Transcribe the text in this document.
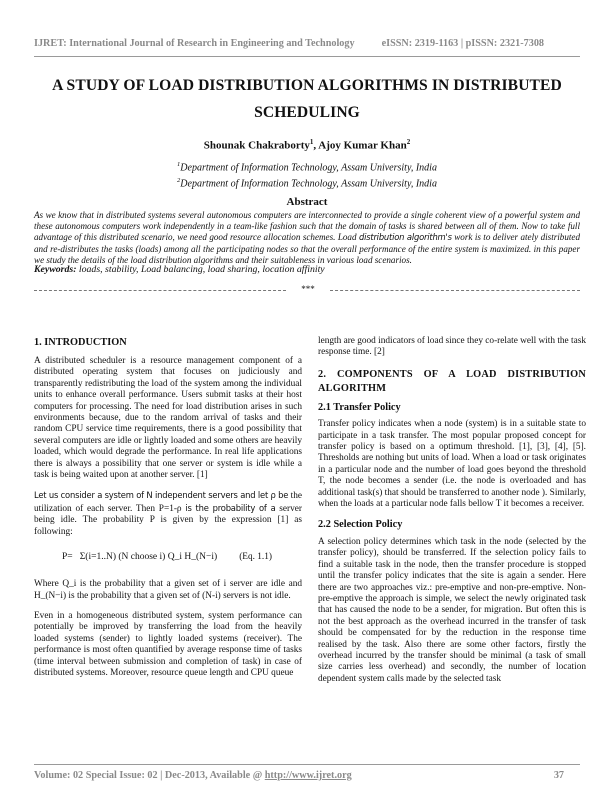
IJRET: International Journal of Research in Engineering and Technology	eISSN: 2319-1163 | pISSN: 2321-7308
A STUDY OF LOAD DISTRIBUTION ALGORITHMS IN DISTRIBUTED
SCHEDULING
Shounak Chakraborty$^1$, Ajoy Kumar Khan$^2$
$^1$Department of Information Technology, Assam University, India
$^2$Department of Information Technology, Assam University, India
Abstract
As we know that in distributed systems several autonomous computers are interconnected to provide a single coherent view of a powerful system and these autonomous computers work independently in a team-like fashion such that the domain of tasks is shared between all of them. Now to take full advantage of this distributed scenario, we need good resource allocation schemes. Load distribution algorithm's work is to deliver ately distributed and re-distributes the tasks (loads) among all the participating nodes so that the overall performance of the entire system is maximized. in this paper we study the details of the load distribution algorithms and their suitableness in various load scenarios.
Keywords: loads, stability, Load balancing, load sharing, location affinity
***
1. INTRODUCTION

A distributed scheduler is a resource management component of a distributed operating system that focuses on judiciously and transparently redistributing the load of the system among the individual units to enhance overall performance. Users submit tasks at their host computers for processing. The need for load distribution arises in such environments because, due to the random arrival of tasks and their random CPU service time requirements, there is a good possibility that several computers are idle or lightly loaded and some others are heavily loaded, which would degrade the performance. In real life applications there is always a possibility that one server or system is idle while a task is being waited upon at another server. [1]

Let us consider a system of N independent servers and let ρ be the utilization of each server. Then P=1-ρ is the probability of a server being idle. The probability P is given by the expression [1] as following:

P= Σ(i=1..N) (N choose i) Q_i H_(N−i) (Eq. 1.1)

Where Q_i is the probability that a given set of i server are idle and H_(N−i) is the probability that a given set of (N-i) servers is not idle.

Even in a homogeneous distributed system, system performance can potentially be improved by transferring the load from the heavily loaded systems (sender) to lightly loaded systems (receiver). The performance is most often quantified by average response time of tasks (time interval between submission and completion of task) in case of distributed systems. Moreover, resource queue length and CPU queue

length are good indicators of load since they co-relate well with the task response time. [2]

2. COMPONENTS OF A LOAD DISTRIBUTION ALGORITHM
2.1 Transfer Policy

Transfer policy indicates when a node (system) is in a suitable state to participate in a task transfer. The most popular proposed concept for transfer policy is based on a optimum threshold. [1], [3], [4], [5]. Thresholds are nothing but units of load. When a load or task originates in a particular node and the number of load goes beyond the threshold T, the node becomes a sender (i.e. the node is overloaded and has additional task(s) that should be transferred to another node ). Similarly, when the loads at a particular node falls bellow T it becomes a receiver.

2.2 Selection Policy

A selection policy determines which task in the node (selected by the transfer policy), should be transferred. If the selection policy fails to find a suitable task in the node, then the transfer procedure is stopped until the transfer policy indicates that the site is again a sender. Here there are two approaches viz.: pre-emptive and non-pre-emptive. Non-pre-emptive the approach is simple, we select the newly originated task that has caused the node to be a sender, for migration. But often this is not the best approach as the overhead incurred in the transfer of task should be compensated for by the reduction in the response time realised by the task. Also there are some other factors, firstly the overhead incurred by the transfer should be minimal (a task of small size carries less overhead) and secondly, the number of location dependent system calls made by the selected task

Volume: 02 Special Issue: 02 | Dec-2013, Available @ http://www.ijret.org	37
